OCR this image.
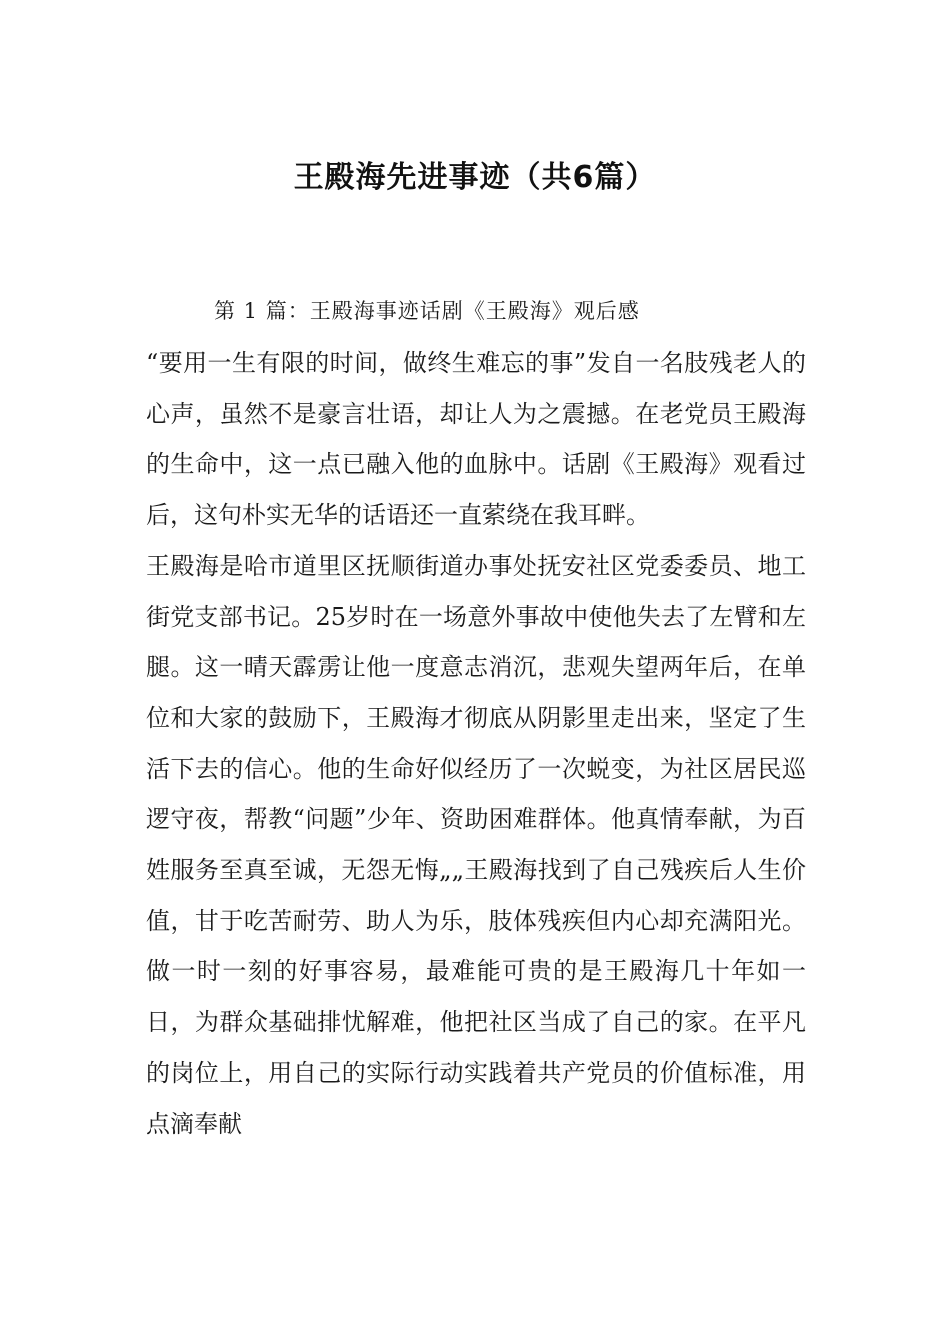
王殿海先进事迹（共6篇）

第 1 篇：王殿海事迹话剧《王殿海》观后感

“要用一生有限的时间，做终生难忘的事”发自一名肢残老人的心声，虽然不是豪言壮语，却让人为之震撼。在老党员王殿海的生命中，这一点已融入他的血脉中。话剧《王殿海》观看过后，这句朴实无华的话语还一直萦绕在我耳畔。

王殿海是哈市道里区抚顺街道办事处抚安社区党委委员、地工街党支部书记。25岁时在一场意外事故中使他失去了左臂和左腿。这一晴天霹雳让他一度意志消沉，悲观失望两年后，在单位和大家的鼓励下，王殿海才彻底从阴影里走出来，坚定了生活下去的信心。他的生命好似经历了一次蜕变，为社区居民巡逻守夜，帮教“问题”少年、资助困难群体。他真情奉献，为百姓服务至真至诚，无怨无悔„„王殿海找到了自己残疾后人生价值，甘于吃苦耐劳、助人为乐，肢体残疾但内心却充满阳光。做一时一刻的好事容易，最难能可贵的是王殿海几十年如一日，为群众基础排忧解难，他把社区当成了自己的家。在平凡的岗位上，用自己的实际行动实践着共产党员的价值标准，用点滴奉献
